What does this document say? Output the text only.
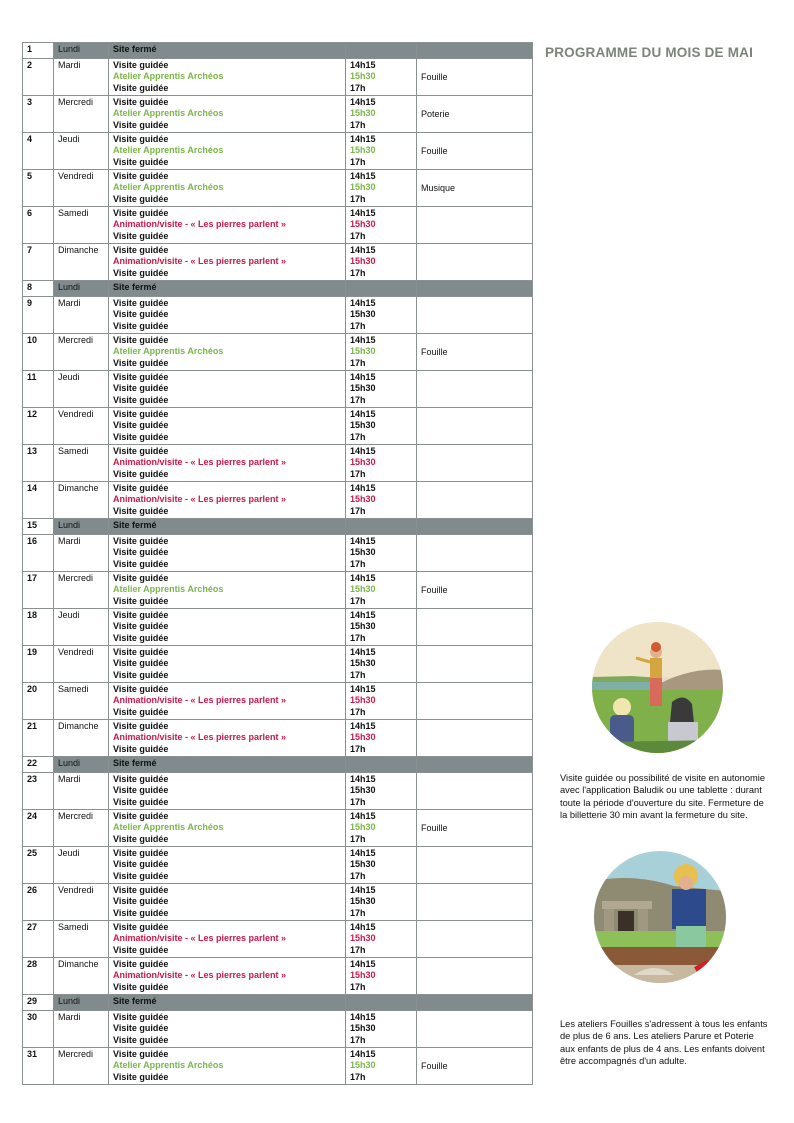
PROGRAMME DU MOIS DE MAI
1	Lundi	Site fermé		

2	Mardi	Visite guidée
Atelier Apprentis Archéos
Visite guidée	14h15
15h30
17h	Fouille
3	Mercredi	Visite guidée
Atelier Apprentis Archéos
Visite guidée	14h15
15h30
17h	Poterie
4	Jeudi	Visite guidée
Atelier Apprentis Archéos
Visite guidée	14h15
15h30
17h	Fouille
5	Vendredi	Visite guidée
Atelier Apprentis Archéos
Visite guidée	14h15
15h30
17h	Musique
6	Samedi	Visite guidée
Animation/visite - « Les pierres parlent »
Visite guidée	14h15
15h30
17h	

7	Dimanche	Visite guidée
Animation/visite - « Les pierres parlent »
Visite guidée	14h15
15h30
17h	

8	Lundi	Site fermé		

9	Mardi	Visite guidée
Visite guidée
Visite guidée	14h15
15h30
17h	

10	Mercredi	Visite guidée
Atelier Apprentis Archéos
Visite guidée	14h15
15h30
17h	Fouille
11	Jeudi	Visite guidée
Visite guidée
Visite guidée	14h15
15h30
17h	

12	Vendredi	Visite guidée
Visite guidée
Visite guidée	14h15
15h30
17h	

13	Samedi	Visite guidée
Animation/visite - « Les pierres parlent »
Visite guidée	14h15
15h30
17h	

14	Dimanche	Visite guidée
Animation/visite - « Les pierres parlent »
Visite guidée	14h15
15h30
17h	

15	Lundi	Site fermé		

16	Mardi	Visite guidée
Visite guidée
Visite guidée	14h15
15h30
17h	

17	Mercredi	Visite guidée
Atelier Apprentis Archéos
Visite guidée	14h15
15h30
17h	Fouille
18	Jeudi	Visite guidée
Visite guidée
Visite guidée	14h15
15h30
17h	

19	Vendredi	Visite guidée
Visite guidée
Visite guidée	14h15
15h30
17h	

20	Samedi	Visite guidée
Animation/visite - « Les pierres parlent »
Visite guidée	14h15
15h30
17h	

21	Dimanche	Visite guidée
Animation/visite - « Les pierres parlent »
Visite guidée	14h15
15h30
17h	

22	Lundi	Site fermé		

23	Mardi	Visite guidée
Visite guidée
Visite guidée	14h15
15h30
17h	

24	Mercredi	Visite guidée
Atelier Apprentis Archéos
Visite guidée	14h15
15h30
17h	Fouille
25	Jeudi	Visite guidée
Visite guidée
Visite guidée	14h15
15h30
17h	

26	Vendredi	Visite guidée
Visite guidée
Visite guidée	14h15
15h30
17h	

27	Samedi	Visite guidée
Animation/visite - « Les pierres parlent »
Visite guidée	14h15
15h30
17h	

28	Dimanche	Visite guidée
Animation/visite - « Les pierres parlent »
Visite guidée	14h15
15h30
17h	

29	Lundi	Site fermé		

30	Mardi	Visite guidée
Visite guidée
Visite guidée	14h15
15h30
17h	

31	Mercredi	Visite guidée
Atelier Apprentis Archéos
Visite guidée	14h15
15h30
17h	Fouille
Visite guidée ou possibilité de visite en autonomie avec l'application Baludik ou une tablette : durant toute la période d'ouverture du site. Fermeture de la billetterie 30 min avant la fermeture du site.
Les ateliers Fouilles s'adressent à tous les enfants de plus de 6 ans. Les ateliers Parure et Poterie aux enfants de plus de 4 ans. Les enfants doivent être accompagnés d'un adulte.
